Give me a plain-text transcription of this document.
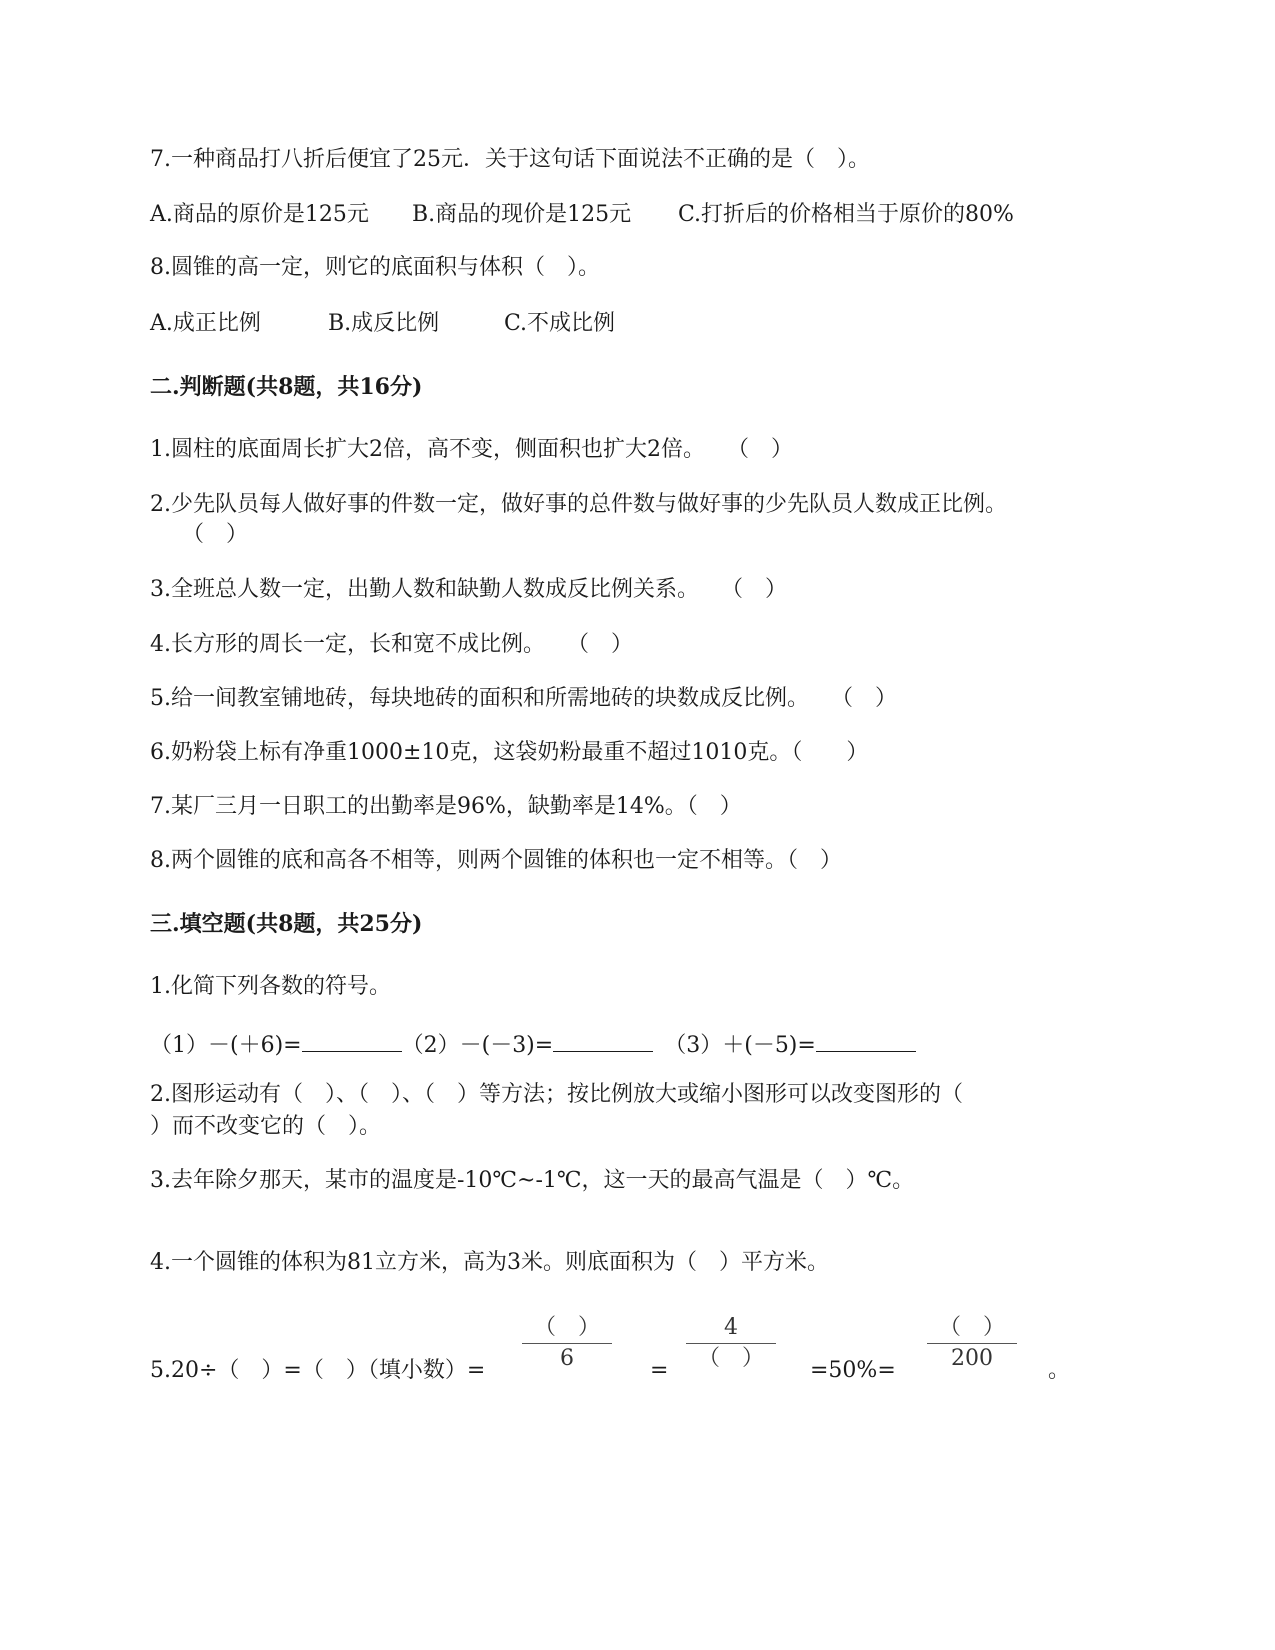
7.一种商品打八折后便宜了25元．关于这句话下面说法不正确的是（　）。
A.商品的原价是125元 B.商品的现价是125元 C.打折后的价格相当于原价的80%
8.圆锥的高一定，则它的底面积与体积（　）。
A.成正比例	B.成反比例	C.不成比例
二.判断题(共8题，共16分)
1.圆柱的底面周长扩大2倍，高不变，侧面积也扩大2倍。　　（　）
2.少先队员每人做好事的件数一定，做好事的总件数与做好事的少先队员人数成正比例。
（　）
3.全班总人数一定，出勤人数和缺勤人数成反比例关系。　　（　）
4.长方形的周长一定，长和宽不成比例。　　（　）
5.给一间教室铺地砖，每块地砖的面积和所需地砖的块数成反比例。　　（　）
6.奶粉袋上标有净重1000±10克，这袋奶粉最重不超过1010克。（　　）
7.某厂三月一日职工的出勤率是96%，缺勤率是14%。（　）
8.两个圆锥的底和高各不相等，则两个圆锥的体积也一定不相等。（　）
三.填空题(共8题，共25分)
1.化简下列各数的符号。
（1）－(＋6)=	（2）－(－3)=　	（3）＋(－5)=
2.图形运动有（　）、（　）、（　）等方法；按比例放大或缩小图形可以改变图形的（
）而不改变它的（　）。
3.去年除夕那天，某市的温度是-10℃~-1℃，这一天的最高气温是（　）℃。
4.一个圆锥的体积为81立方米，高为3米。则底面积为（　）平方米。
5.20÷（　）=（　）（填小数）=
（　）
6	=
4
（　）	=50%=
（　）
200	。
